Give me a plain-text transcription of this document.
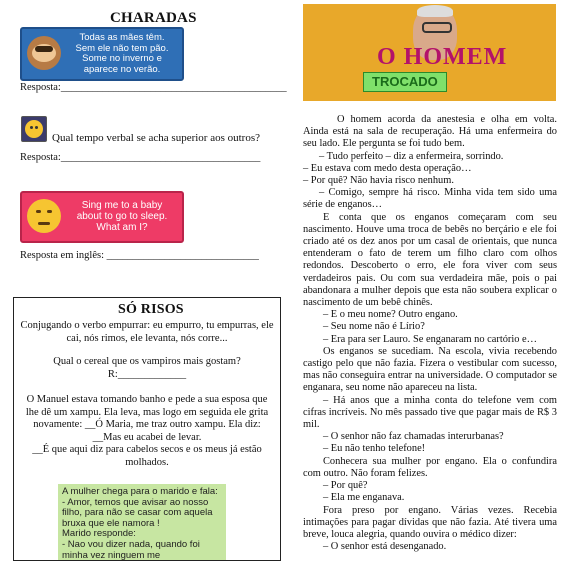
CHARADAS
Todas as mães têm.
Sem ele não tem pão.
Some no inverno e
aparece no verão.
Resposta:___________________________________________
Qual tempo verbal se acha superior aos outros?
Resposta:______________________________________
Sing me to a baby
about to go to sleep.
What am I?
Resposta em inglês: _____________________________
SÓ RISOS
Conjugando o verbo empurrar: eu empurro, tu empurras, ele cai, nós rimos, ele levanta, nós corre...
Qual o cereal que os vampiros mais gostam?
R:_____________
O Manuel estava tomando banho e pede a sua esposa que lhe dê um xampu. Ela leva, mas logo em seguida ele grita novamente: __Ó Maria, me traz outro xampu. Ela diz: __Mas eu acabei de levar.
__É que aqui diz para cabelos secos e os meus já estão molhados.
A mulher chega para o marido e fala:
- Amor, temos que avisar ao nosso filho, para não se casar com aquela bruxa que ele namora !
Marido responde:
- Nao vou dizer nada, quando foi minha vez ninguem me
O HOMEM
TROCADO

O homem acorda da anestesia e olha em volta. Ainda está na sala de recuperação. Há uma enfermeira do seu lado. Ele pergunta se foi tudo bem.

– Tudo perfeito – diz a enfermeira, sorrindo.

– Eu estava com medo desta operação…

– Por quê? Não havia risco nenhum.

– Comigo, sempre há risco. Minha vida tem sido uma série de enganos…

E conta que os enganos começaram com seu nascimento. Houve uma troca de bebês no berçário e ele foi criado até os dez anos por um casal de orientais, que nunca entenderam o fato de terem um filho claro com olhos redondos. Descoberto o erro, ele fora viver com seus verdadeiros pais. Ou com sua verdadeira mãe, pois o pai abandonara a mulher depois que esta não soubera explicar o nascimento de um bebê chinês.

– E o meu nome? Outro engano.

– Seu nome não é Lírio?

– Era para ser Lauro. Se enganaram no cartório e…

Os enganos se sucediam. Na escola, vivia recebendo castigo pelo que não fazia. Fizera o vestibular com sucesso, mas não conseguira entrar na universidade. O computador se enganara, seu nome não apareceu na lista.

– Há anos que a minha conta do telefone vem com cifras incríveis. No mês passado tive que pagar mais de R$ 3 mil.

– O senhor não faz chamadas interurbanas?

– Eu não tenho telefone!

Conhecera sua mulher por engano. Ela o confundira com outro. Não foram felizes.

– Por quê?

– Ela me enganava.

Fora preso por engano. Várias vezes. Recebia intimações para pagar dívidas que não fazia. Até tivera uma breve, louca alegria, quando ouvira o médico dizer:

– O senhor está desenganado.
